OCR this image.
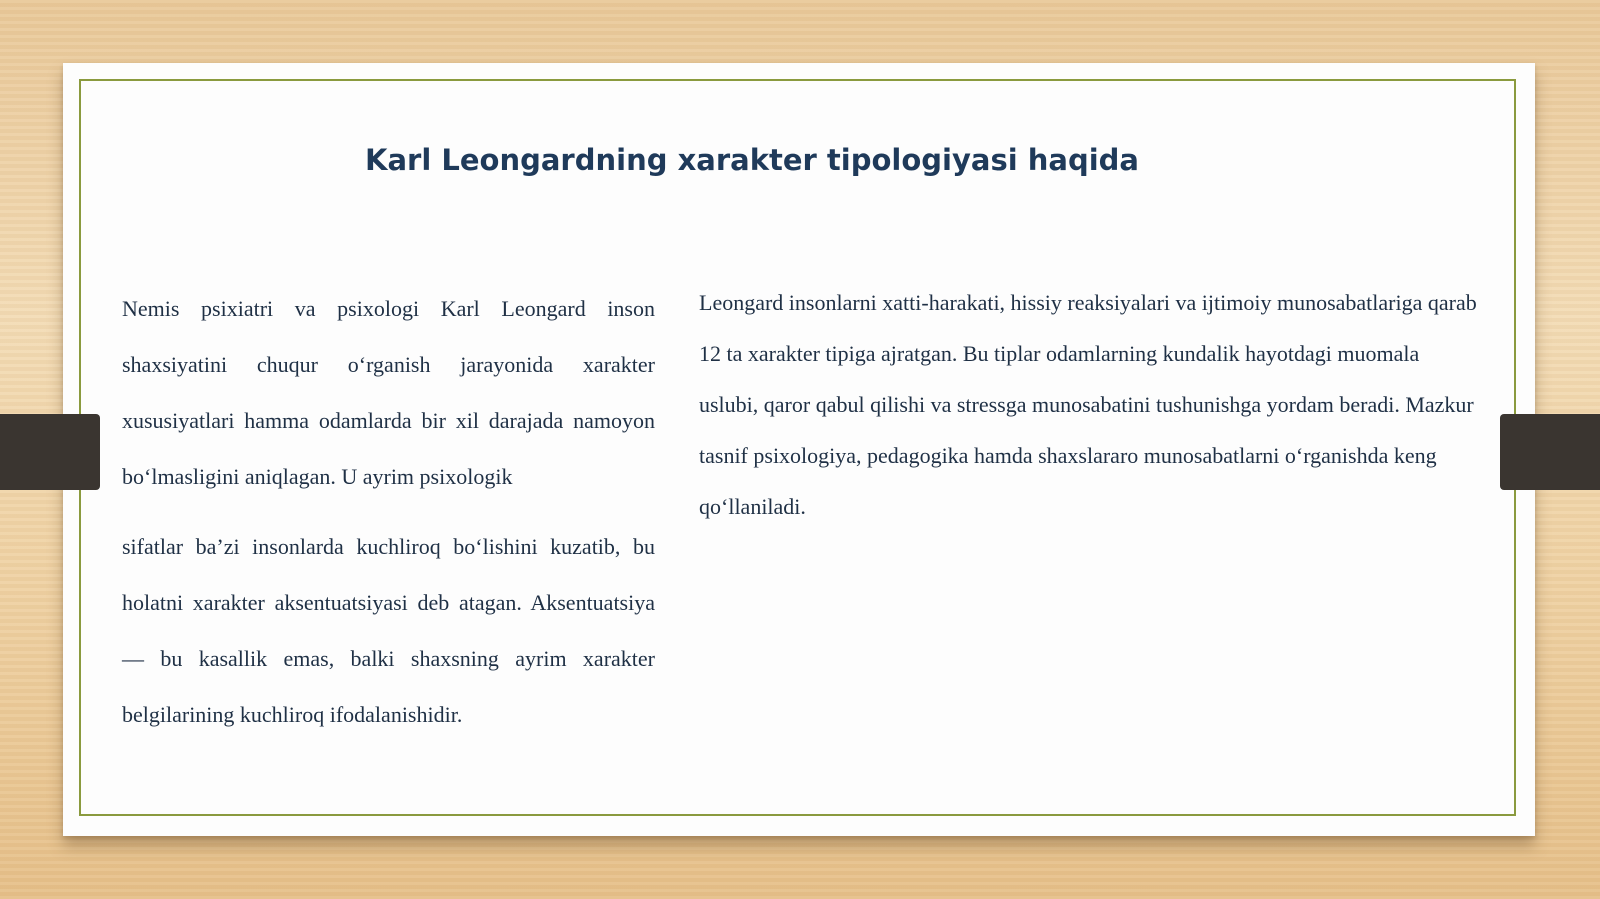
Karl Leongardning xarakter tipologiyasi haqida

Nemis psixiatri va psixologi Karl Leongard inson shaxsiyatini chuqur o‘rganish jarayonida xarakter xususiyatlari hamma odamlarda bir xil darajada namoyon bo‘lmasligini aniqlagan. U ayrim psixologik

sifatlar ba’zi insonlarda kuchliroq bo‘lishini kuzatib, bu holatni xarakter aksentuatsiyasi deb atagan. Aksentuatsiya — bu kasallik emas, balki shaxsning ayrim xarakter belgilarining kuchliroq ifodalanishidir.

Leongard insonlarni xatti-harakati, hissiy reaksiyalari va ijtimoiy munosabatlariga qarab 12 ta xarakter tipiga ajratgan. Bu tiplar odamlarning kundalik hayotdagi muomala uslubi, qaror qabul qilishi va stressga munosabatini tushunishga yordam beradi. Mazkur tasnif psixologiya, pedagogika hamda shaxslararo munosabatlarni o‘rganishda keng qo‘llaniladi.
